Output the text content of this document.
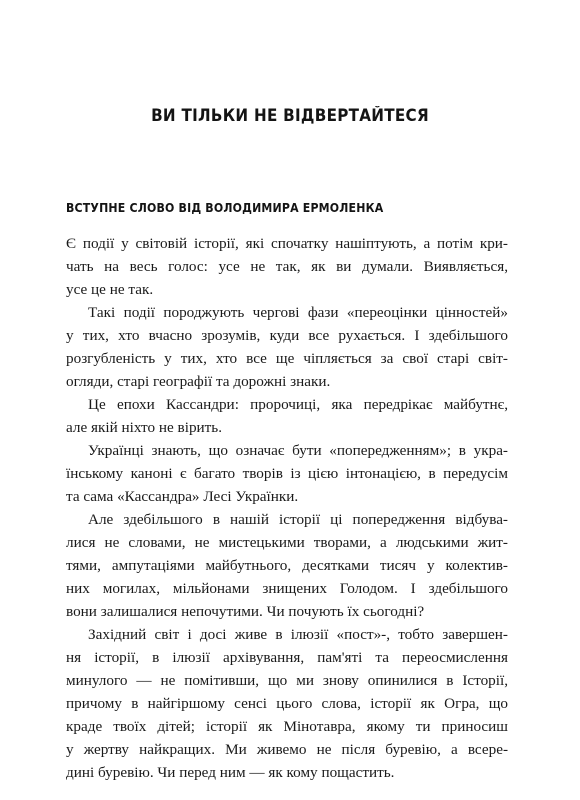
ВИ ТІЛЬКИ НЕ ВІДВЕРТАЙТЕСЯ
ВСТУПНЕ СЛОВО ВІД ВОЛОДИМИРА ЕРМОЛЕНКА
Є події у світовій історії, які спочатку нашіптують, а потім кри-
чать на весь голос: усе не так, як ви думали. Виявляється,
усе це не так.
Такі події породжують чергові фази «переоцінки цінностей»
у тих, хто вчасно зрозумів, куди все рухається. І здебільшого
розгубленість у тих, хто все ще чіпляється за свої старі світ-
огляди, старі географії та дорожні знаки.
Це епохи Кассандри: пророчиці, яка передрікає майбутнє,
але якій ніхто не вірить.
Українці знають, що означає бути «попередженням»; в укра-
їнському каноні є багато творів із цією інтонацією, в передусім
та сама «Кассандра» Лесі Українки.
Але здебільшого в нашій історії ці попередження відбува-
лися не словами, не мистецькими творами, а людськими жит-
тями, ампутаціями майбутнього, десятками тисяч у колектив-
них могилах, мільйонами знищених Голодом. І здебільшого
вони залишалися непочутими. Чи почують їх сьогодні?
Західний світ і досі живе в ілюзії «пост»-, тобто завершен-
ня історії, в ілюзії архівування, пам'яті та переосмислення
минулого — не помітивши, що ми знову опинилися в Історії,
причому в найгіршому сенсі цього слова, історії як Огра, що
краде твоїх дітей; історії як Мінотавра, якому ти приносиш
у жертву найкращих. Ми живемо не після буревію, а всере-
дині буревію. Чи перед ним — як кому пощастить.
